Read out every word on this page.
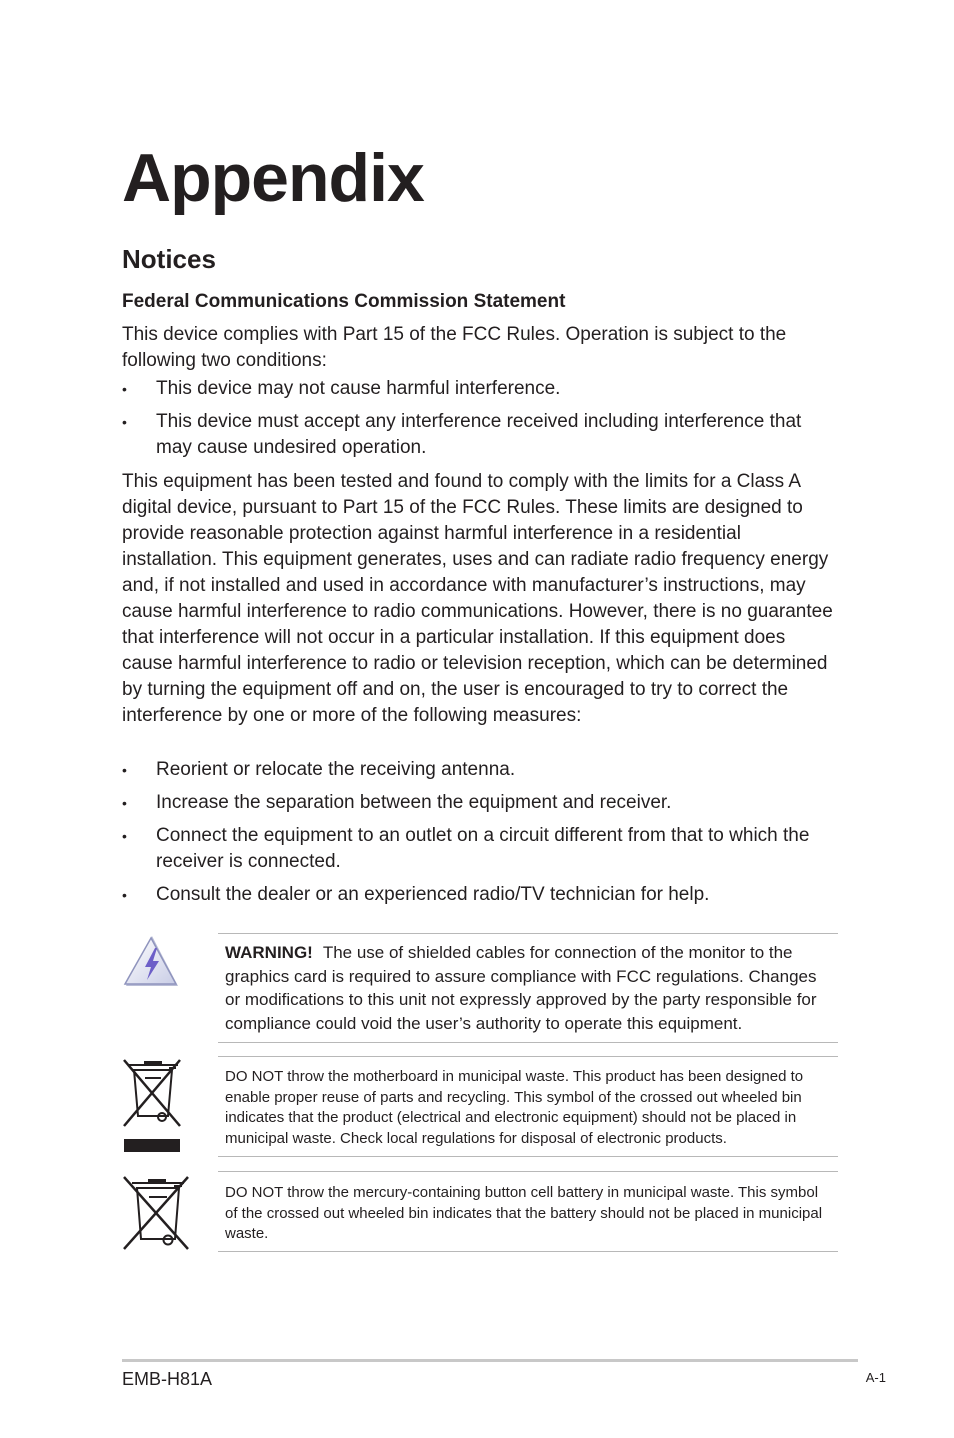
Appendix
Notices
Federal Communications Commission Statement

This device complies with Part 15 of the FCC Rules. Operation is subject to the following two conditions:

• This device may not cause harmful interference.
• This device must accept any interference received including interference that may cause undesired operation.

This equipment has been tested and found to comply with the limits for a Class A digital device, pursuant to Part 15 of the FCC Rules. These limits are designed to provide reasonable protection against harmful interference in a residential installation. This equipment generates, uses and can radiate radio frequency energy and, if not installed and used in accordance with manufacturer’s instructions, may cause harmful interference to radio communications. However, there is no guarantee that interference will not occur in a particular installation. If this equipment does cause harmful interference to radio or television reception, which can be determined by turning the equipment off and on, the user is encouraged to try to correct the interference by one or more of the following measures:

• Reorient or relocate the receiving antenna.
• Increase the separation between the equipment and receiver.
• Connect the equipment to an outlet on a circuit different from that to which the receiver is connected.
• Consult the dealer or an experienced radio/TV technician for help.
WARNING! The use of shielded cables for connection of the monitor to the graphics card is required to assure compliance with FCC regulations. Changes or modifications to this unit not expressly approved by the party responsible for compliance could void the user’s authority to operate this equipment.
DO NOT throw the motherboard in municipal waste. This product has been designed to enable proper reuse of parts and recycling. This symbol of the crossed out wheeled bin indicates that the product (electrical and electronic equipment) should not be placed in municipal waste. Check local regulations for disposal of electronic products.
DO NOT throw the mercury-containing button cell battery in municipal waste. This symbol of the crossed out wheeled bin indicates that the battery should not be placed in municipal waste.
EMB-H81A	A-1
